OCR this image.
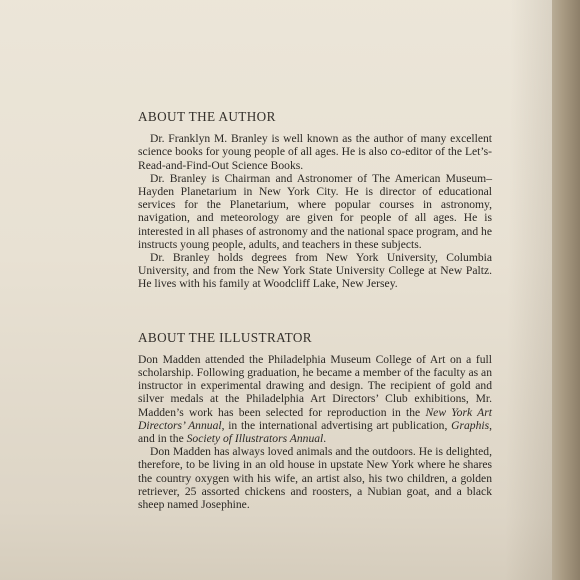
ABOUT THE AUTHOR

Dr. Franklyn M. Branley is well known as the author of many excellent science books for young people of all ages. He is also co-editor of the Let’s-Read-and-Find-Out Science Books.

Dr. Branley is Chairman and Astronomer of The American Museum–Hayden Planetarium in New York City. He is director of educational services for the Planetarium, where popular courses in astronomy, navigation, and meteorology are given for people of all ages. He is interested in all phases of astronomy and the national space program, and he instructs young people, adults, and teachers in these subjects.

Dr. Branley holds degrees from New York University, Columbia University, and from the New York State University College at New Paltz. He lives with his family at Woodcliff Lake, New Jersey.

ABOUT THE ILLUSTRATOR

Don Madden attended the Philadelphia Museum College of Art on a full scholarship. Following graduation, he became a member of the faculty as an instructor in experimental drawing and design. The recipient of gold and silver medals at the Philadelphia Art Directors’ Club exhibitions, Mr. Madden’s work has been selected for reproduction in the New York Art Directors’ Annual, in the international advertising art publication, Graphis, and in the Society of Illustrators Annual.

Don Madden has always loved animals and the outdoors. He is delighted, therefore, to be living in an old house in upstate New York where he shares the country oxygen with his wife, an artist also, his two children, a golden retriever, 25 assorted chickens and roosters, a Nubian goat, and a black sheep named Josephine.
